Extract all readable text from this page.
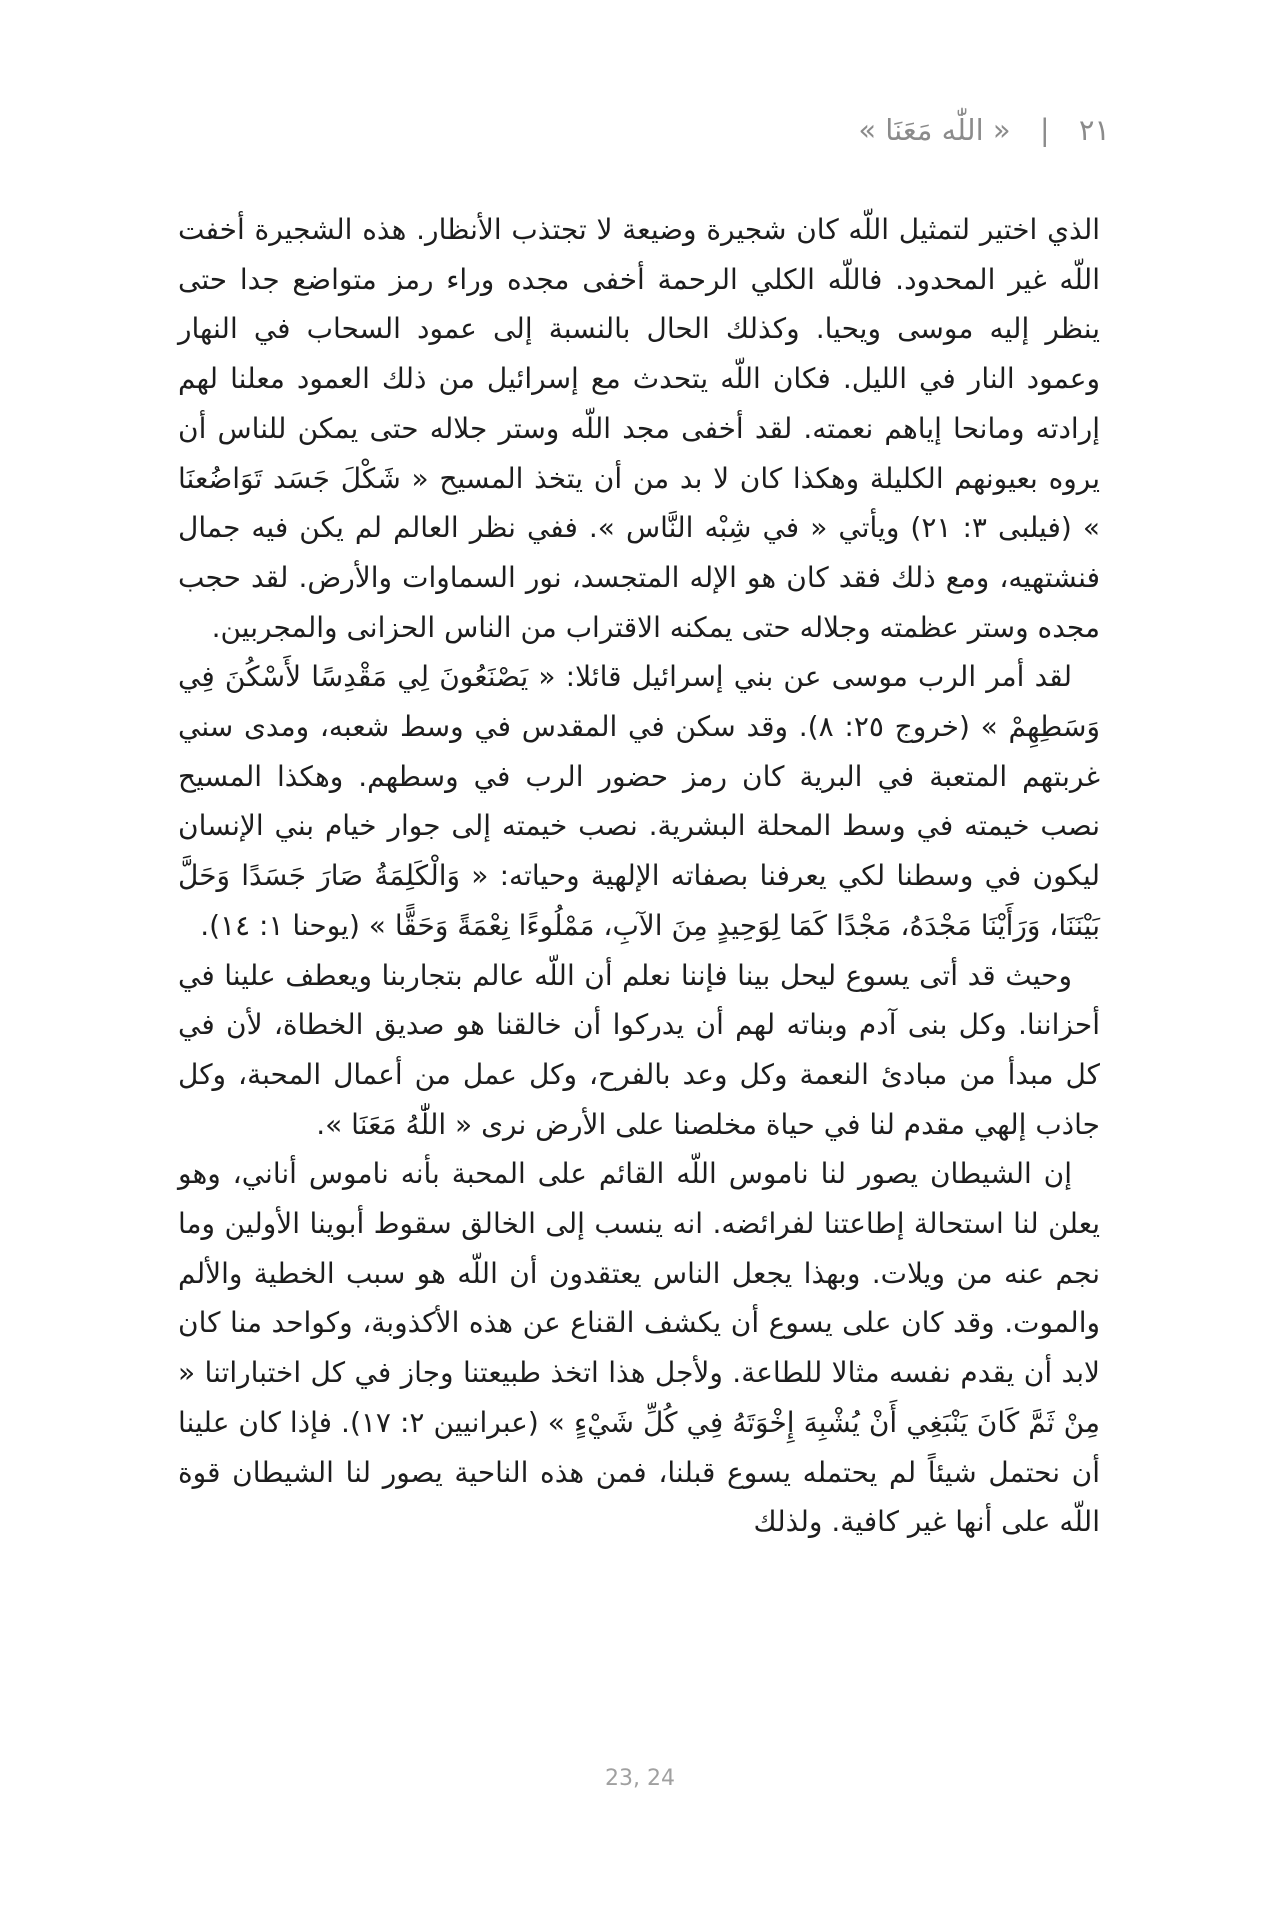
٢١ | « اللّٰه مَعَنَا »

الذي اختير لتمثيل اللّه كان شجيرة وضيعة لا تجتذب الأنظار. هذه الشجيرة أخفت اللّه غير المحدود. فاللّه الكلي الرحمة أخفى مجده وراء رمز متواضع جدا حتى ينظر إليه موسى ويحيا. وكذلك الحال بالنسبة إلى عمود السحاب في النهار وعمود النار في الليل. فكان اللّه يتحدث مع إسرائيل من ذلك العمود معلنا لهم إرادته ومانحا إياهم نعمته. لقد أخفى مجد اللّه وستر جلاله حتى يمكن للناس أن يروه بعيونهم الكليلة وهكذا كان لا بد من أن يتخذ المسيح « شَكْلَ جَسَد تَوَاضُعنَا » (فيلبى ٣: ٢١) ويأتي « في شِبْه النَّاس ». ففي نظر العالم لم يكن فيه جمال فنشتهيه، ومع ذلك فقد كان هو الإله المتجسد، نور السماوات والأرض. لقد حجب مجده وستر عظمته وجلاله حتى يمكنه الاقتراب من الناس الحزانى والمجربين.

لقد أمر الرب موسى عن بني إسرائيل قائلا: « يَصْنَعُونَ لِي مَقْدِسًا لأَسْكُنَ فِي وَسَطِهِمْ » (خروج ٢٥: ٨). وقد سكن في المقدس في وسط شعبه، ومدى سني غربتهم المتعبة في البرية كان رمز حضور الرب في وسطهم. وهكذا المسيح نصب خيمته في وسط المحلة البشرية. نصب خيمته إلى جوار خيام بني الإنسان ليكون في وسطنا لكي يعرفنا بصفاته الإلهية وحياته: « وَالْكَلِمَةُ صَارَ جَسَدًا وَحَلَّ بَيْنَنَا، وَرَأَيْنَا مَجْدَهُ، مَجْدًا كَمَا لِوَحِيدٍ مِنَ الآبِ، مَمْلُوءًا نِعْمَةً وَحَقًّا » (يوحنا ١: ١٤).

وحيث قد أتى يسوع ليحل بينا فإننا نعلم أن اللّه عالم بتجاربنا ويعطف علينا في أحزاننا. وكل بنى آدم وبناته لهم أن يدركوا أن خالقنا هو صديق الخطاة، لأن في كل مبدأ من مبادئ النعمة وكل وعد بالفرح، وكل عمل من أعمال المحبة، وكل جاذب إلهي مقدم لنا في حياة مخلصنا على الأرض نرى « اللّٰهُ مَعَنَا ».

إن الشيطان يصور لنا ناموس اللّه القائم على المحبة بأنه ناموس أناني، وهو يعلن لنا استحالة إطاعتنا لفرائضه. انه ينسب إلى الخالق سقوط أبوينا الأولين وما نجم عنه من ويلات. وبهذا يجعل الناس يعتقدون أن اللّه هو سبب الخطية والألم والموت. وقد كان على يسوع أن يكشف القناع عن هذه الأكذوبة، وكواحد منا كان لابد أن يقدم نفسه مثالا للطاعة. ولأجل هذا اتخذ طبيعتنا وجاز في كل اختباراتنا « مِنْ ثَمَّ كَانَ يَنْبَغِي أَنْ يُشْبِهَ إِخْوَتَهُ فِي كُلِّ شَيْءٍ » (عبرانيين ٢: ١٧). فإذا كان علينا أن نحتمل شيئاً لم يحتمله يسوع قبلنا، فمن هذه الناحية يصور لنا الشيطان قوة اللّه على أنها غير كافية. ولذلك

23, 24
